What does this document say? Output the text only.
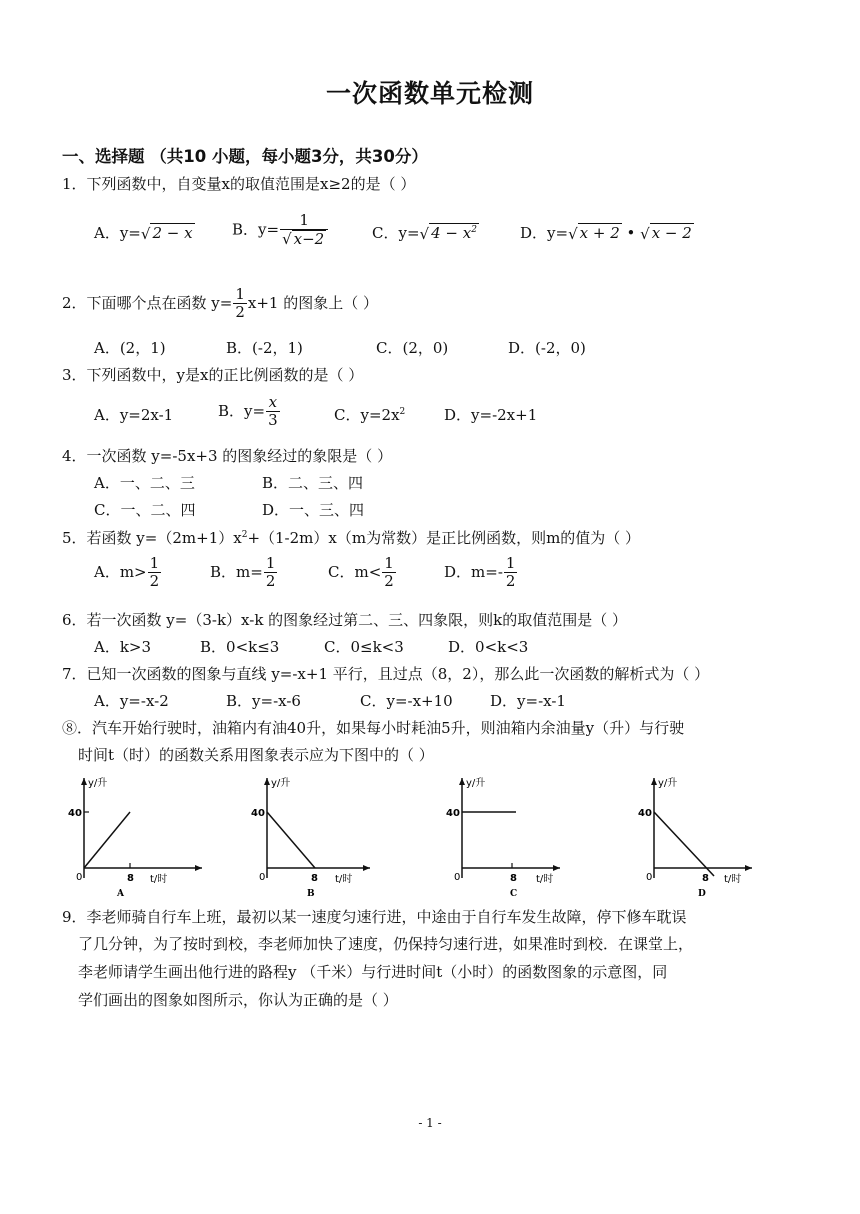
一次函数单元检测
一、选择题 （共10 小题，每小题3分，共30分）
1．下列函数中，自变量x的取值范围是x≥2的是（ ）
A．y=√ 2 − x	B．$y= \frac{1}{√ x-2}$	C．y=√ $4 - x^2$	D．y=√ x + 2 • √ x − 2
2．下面哪个点在函数 $y= \frac{1}{2} x+1$ 的图象上（ ）
A．(2，1)	B．(-2，1)	C．(2，0)	D．(-2，0)
3．下列函数中，y是x的正比例函数的是（ ）
A．y=2x-1	B．$y= \frac{x}{3}$	C．$y=2x^2$	D．y=-2x+1
4．一次函数 y=-5x+3 的图象经过的象限是（ ）
A．一、二、三	B．二、三、四
C．一、二、四	D．一、三、四
5．若函数 $y=(2m+1)x^2+(1-2m)x(m$为常数）是正比例函数，则m的值为（ ）
A．$m> \frac{1}{2}$	B．$m= \frac{1}{2}$	C．$m< \frac{1}{2}$	D．$m=- \frac{1}{2}$
6．若一次函数 y=（3-k）x-k 的图象经过第二、三、四象限，则k的取值范围是（ ）
A．k>3	B．0<k≤3	C．0≤k<3	D．0<k<3
7．已知一次函数的图象与直线 y=-x+1 平行，且过点（8，2），那么此一次函数的解析式为（ ）
A．y=-x-2	B．y=-x-6	C．y=-x+10 D．y=-x-1
⑧．汽车开始行驶时，油箱内有油40升，如果每小时耗油5升，则油箱内余油量y（升）与行驶
时间t（时）的函数关系用图象表示应为下图中的（ ）
y/升
40
0	8 t/时
A
y/升
40
0	8 t/时
B
y/升
40
0	8 t/时
C
y/升
40
0	8 t/时
D
9．李老师骑自行车上班，最初以某一速度匀速行进，中途由于自行车发生故障，停下修车耽误
了几分钟，为了按时到校，李老师加快了速度，仍保持匀速行进，如果准时到校．在课堂上，
李老师请学生画出他行进的路程y （千米）与行进时间t（小时）的函数图象的示意图，同
学们画出的图象如图所示，你认为正确的是（ ）
- 1 -
